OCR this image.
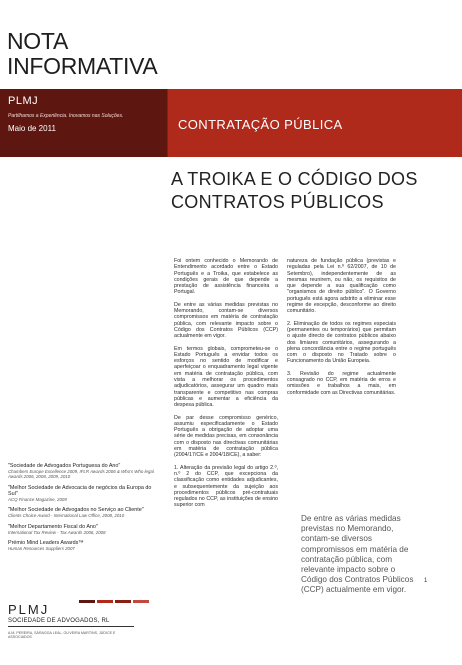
NOTA
INFORMATIVA
PLMJ
Partilhamos a Experiência. Inovamos nas Soluções.
Maio de 2011	CONTRATAÇÃO PÚBLICA
A TROIKA E O CÓDIGO DOS
CONTRATOS PÚBLICOS

Foi ontem conhecido o Memorando de Entendimento acordado entre o Estado Português e a Troika, que estabelece as condições gerais de que depende a prestação de assistência financeira a Portugal.

De entre as várias medidas previstas no Memorando, contam-se diversos compromissos em matéria de contratação pública, com relevante impacto sobre o Código dos Contratos Públicos (CCP) actualmente em vigor.

Em termos globais, comprometeu-se o Estado Português a envidar todos os esforços no sentido de modificar e aperfeiçoar o enquadramento legal vigente em matéria de contratação pública, com vista a melhorar os procedimentos adjudicatórios, assegurar um quadro mais transparente e competitivo nas compras públicas e aumentar a eficiência da despesa pública.

De par desse compromisso genérico, assumiu especificadamente o Estado Português a obrigação de adoptar uma série de medidas precisas, em consonância com o disposto nas directivas comunitárias em matéria de contratação pública (2004/17/CE e 2004/18/CE), a saber:

1. Alteração da previsão legal do artigo 2.º, n.º 2 do CCP, que excepciona da classificação como entidades adjudicantes, e subsequentemente da sujeição aos procedimentos públicos pré-contratuais regulados no CCP, as instituições de ensino superior com

natureza de fundação pública (previstas e reguladas pela Lei n.º 62/2007, de 10 de Setembro), independentemente de as mesmas reunirem, ou não, os requisitos de que depende a sua qualificação como "organismos de direito público". O Governo português está agora adstrito a eliminar esse regime de excepção, desconforme ao direito comunitário.

2. Eliminação de todos os regimes especiais (permanentes ou temporários) que permitam o ajuste directo de contratos públicos abaixo dos limiares comunitários, assegurando a plena concordância entre o regime português com o disposto no Tratado sobre o Funcionamento da União Europeia.

3. Revisão do regime actualmente consagrado no CCP, em matéria de erros e omissões e trabalhos a mais, em conformidade com as Directivas comunitárias.

De entre as várias medidas previstas no Memorando, contam-se diversos compromissos em matéria de contratação pública, com relevante impacto sobre o Código dos Contratos Públicos (CCP) actualmente em vigor.
"Sociedade de Advogados Portuguesa do Ano"
Chambers Europe Excellence 2009, IFLR Awards 2006 & Who's Who legal Awards 2006, 2008, 2009, 2010
"Melhor Sociedade de Advocacia de negócios da Europa do Sul"
ACQ Finance Magazine, 2009
"Melhor Sociedade de Advogados no Serviço ao Cliente"
Clients Choice Award - International Law Office, 2008, 2010
"Melhor Departamento Fiscal do Ano"
International Tax Review - Tax Awards 2006, 2008
Prémio Mind Leaders Awards™
Human Resources Suppliers 2007
PLMJ
SOCIEDADE DE ADVOGADOS, RL
A.M. PEREIRA, SÁRAGGA LEAL, OLIVEIRA MARTINS, JÚDICE E ASSOCIADOS
1
